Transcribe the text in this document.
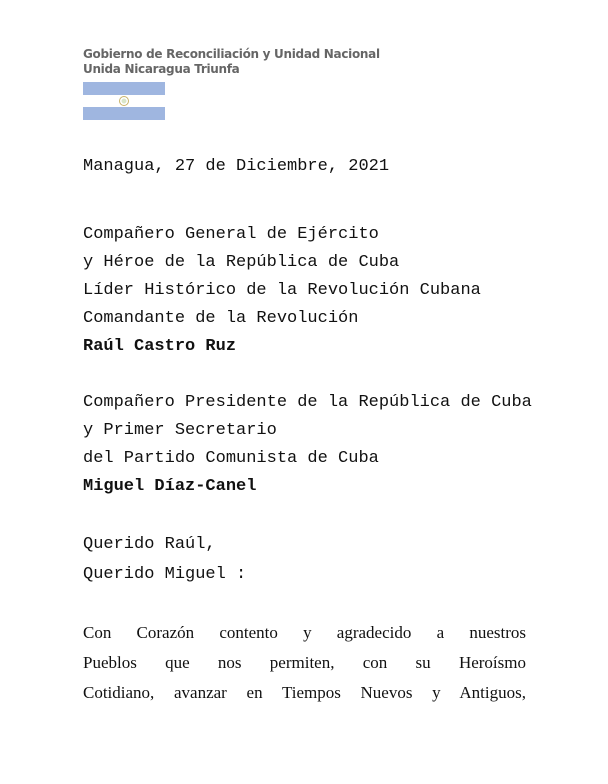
Gobierno de Reconciliación y Unidad Nacional
Unida Nicaragua Triunfa
Managua, 27 de Diciembre, 2021
Compañero General de Ejército
y Héroe de la República de Cuba
Líder Histórico de la Revolución Cubana
Comandante de la Revolución
Raúl Castro Ruz
Compañero Presidente de la República de Cuba
y Primer Secretario
del Partido Comunista de Cuba
Miguel Díaz-Canel
Querido Raúl,
Querido Miguel :
Con Corazón contento y agradecido a nuestros
Pueblos que nos permiten, con su Heroísmo
Cotidiano, avanzar en Tiempos Nuevos y Antiguos,
